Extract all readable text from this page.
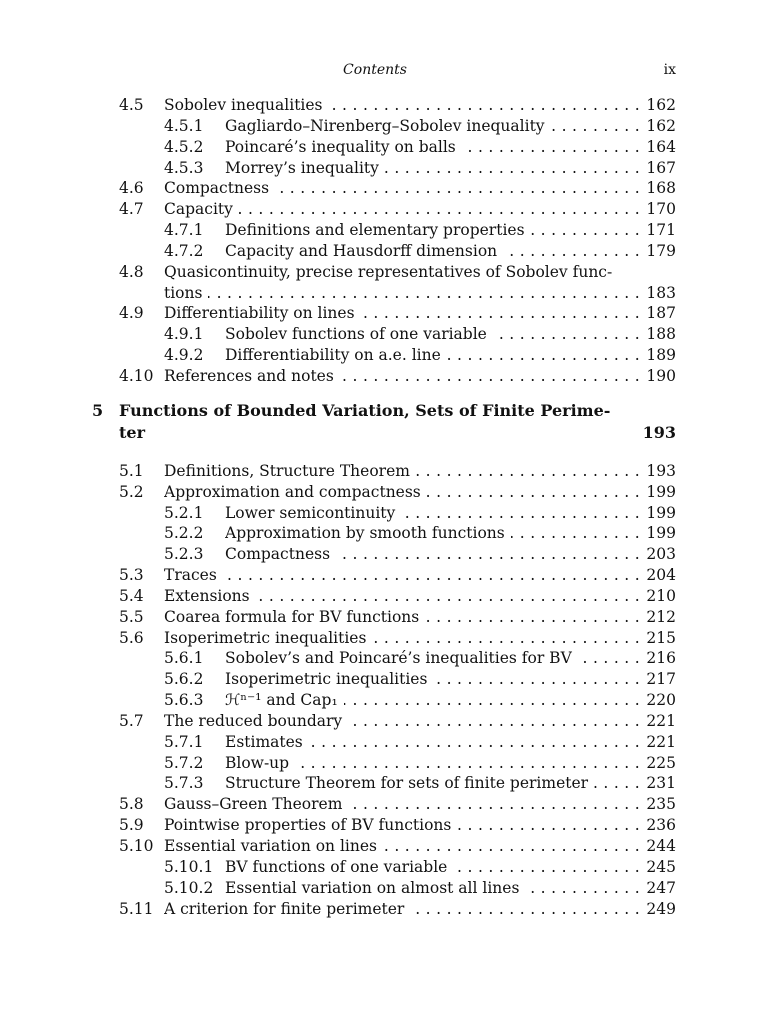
Contents	ix
4.5 Sobolev inequalities . . .	162
4.5.1 Gagliardo–Nirenberg–Sobolev inequality . . .	162
4.5.2 Poincaré’s inequality on balls . . .	164
4.5.3 Morrey’s inequality . . .	167
4.6 Compactness . . .	168
4.7 Capacity . . .	170
4.7.1 Definitions and elementary properties . . .	171
4.7.2 Capacity and Hausdorff dimension . . .	179
4.8 Quasicontinuity, precise representatives of Sobolev func-
tions . . .	183
4.9 Differentiability on lines . . .	187
4.9.1 Sobolev functions of one variable . . .	188
4.9.2 Differentiability on a.e. line . . .	189
4.10 References and notes . . .	190
5 Functions of Bounded Variation, Sets of Finite Perime-
ter	193
5.1 Definitions, Structure Theorem . . .	193
5.2 Approximation and compactness . . .	199
5.2.1 Lower semicontinuity . . .	199
5.2.2 Approximation by smooth functions . . .	199
5.2.3 Compactness . . .	203
5.3 Traces . . .	204
5.4 Extensions . . .	210
5.5 Coarea formula for BV functions . . .	212
5.6 Isoperimetric inequalities . . .	215
5.6.1 Sobolev’s and Poincaré’s inequalities for BV . . .	216
5.6.2 Isoperimetric inequalities . . .	217
5.6.3 ℋⁿ⁻¹ and Cap₁ . . .	220
5.7 The reduced boundary . . .	221
5.7.1 Estimates . . .	221
5.7.2 Blow-up . . .	225
5.7.3 Structure Theorem for sets of finite perimeter . . .	231
5.8 Gauss–Green Theorem . . .	235
5.9 Pointwise properties of BV functions . . .	236
5.10 Essential variation on lines . . .	244
5.10.1 BV functions of one variable . . .	245
5.10.2 Essential variation on almost all lines . . .	247
5.11 A criterion for finite perimeter . . .	249
